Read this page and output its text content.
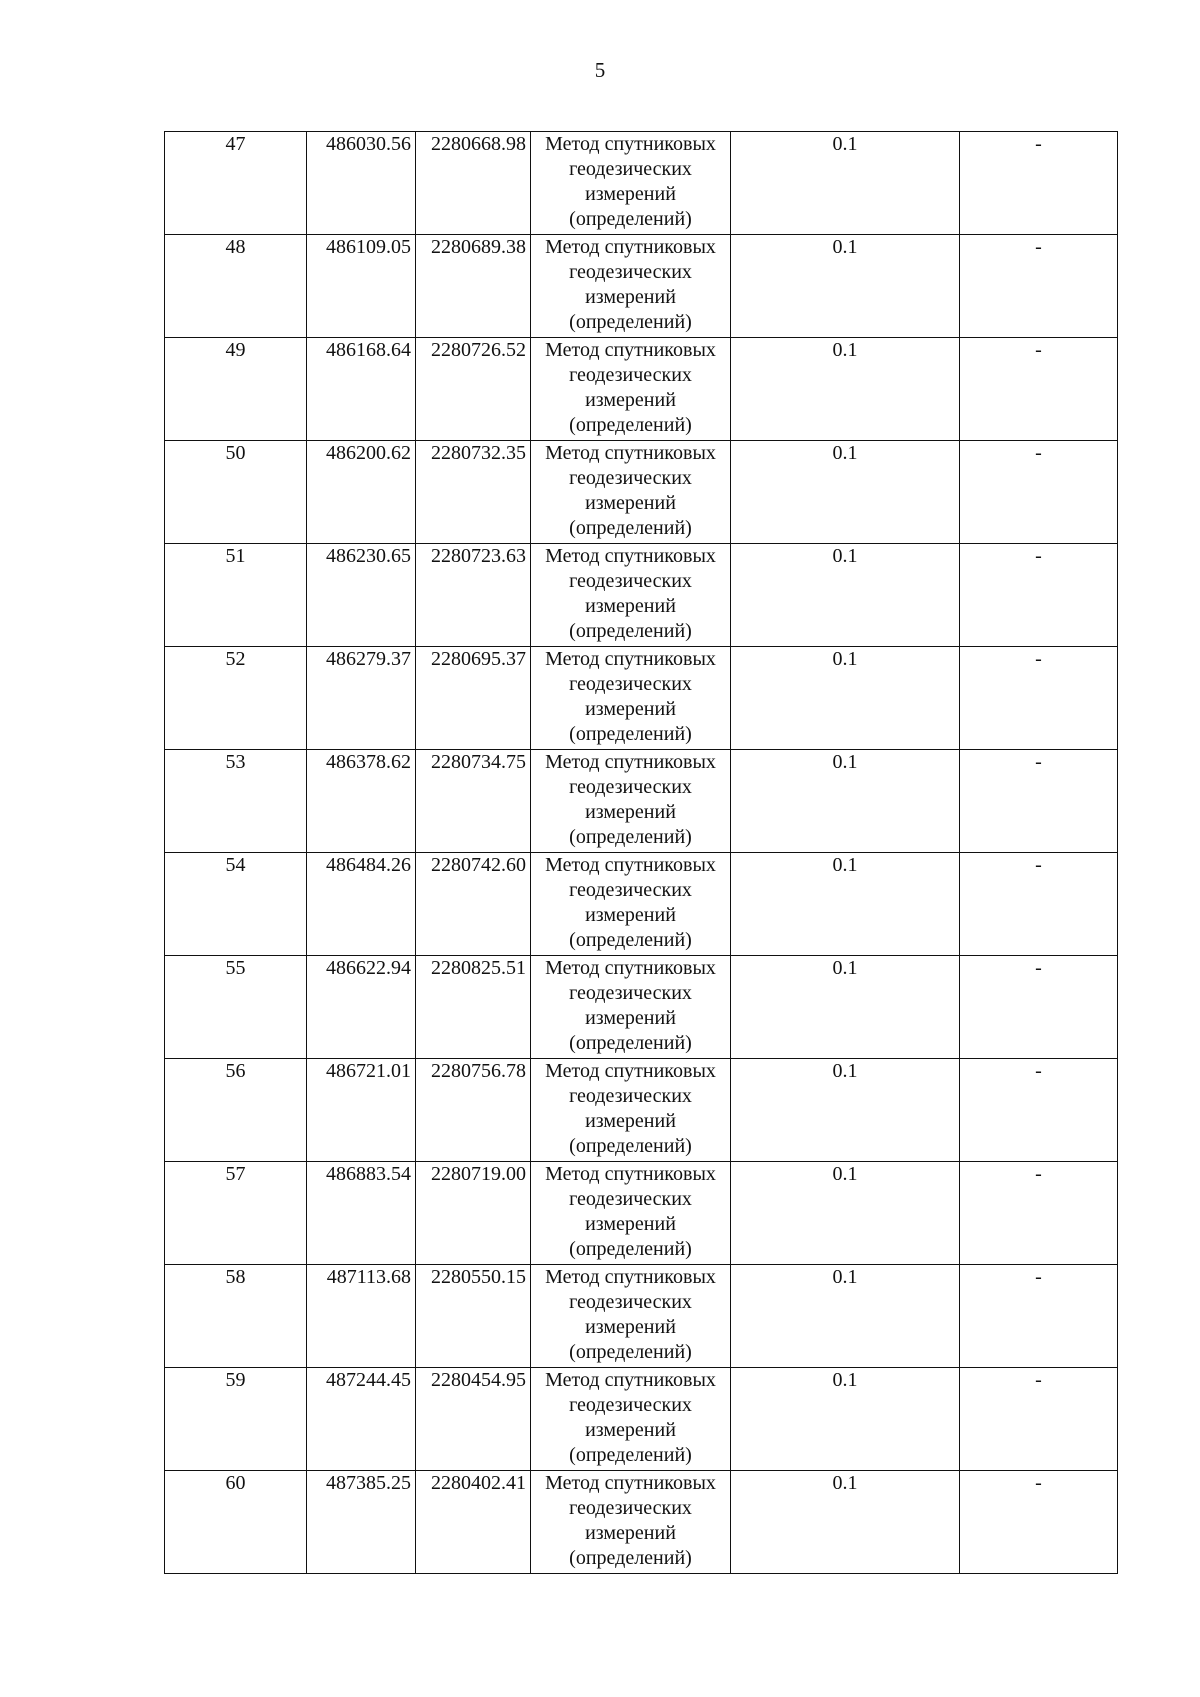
5
47	486030.56	2280668.98	Метод спутниковых
геодезических
измерений
(определений)	0.1	-
48	486109.05	2280689.38	Метод спутниковых
геодезических
измерений
(определений)	0.1	-
49	486168.64	2280726.52	Метод спутниковых
геодезических
измерений
(определений)	0.1	-
50	486200.62	2280732.35	Метод спутниковых
геодезических
измерений
(определений)	0.1	-
51	486230.65	2280723.63	Метод спутниковых
геодезических
измерений
(определений)	0.1	-
52	486279.37	2280695.37	Метод спутниковых
геодезических
измерений
(определений)	0.1	-
53	486378.62	2280734.75	Метод спутниковых
геодезических
измерений
(определений)	0.1	-
54	486484.26	2280742.60	Метод спутниковых
геодезических
измерений
(определений)	0.1	-
55	486622.94	2280825.51	Метод спутниковых
геодезических
измерений
(определений)	0.1	-
56	486721.01	2280756.78	Метод спутниковых
геодезических
измерений
(определений)	0.1	-
57	486883.54	2280719.00	Метод спутниковых
геодезических
измерений
(определений)	0.1	-
58	487113.68	2280550.15	Метод спутниковых
геодезических
измерений
(определений)	0.1	-
59	487244.45	2280454.95	Метод спутниковых
геодезических
измерений
(определений)	0.1	-
60	487385.25	2280402.41	Метод спутниковых
геодезических
измерений
(определений)	0.1	-
